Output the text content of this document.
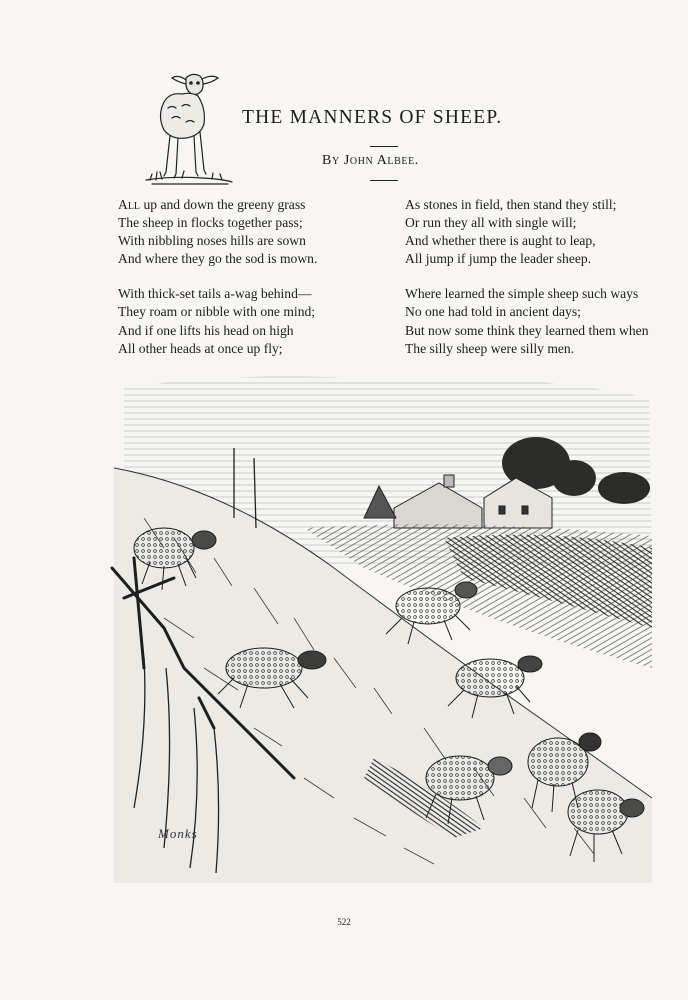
THE MANNERS OF SHEEP.
By John Albee.
All up and down the greeny grass
The sheep in flocks together pass;
With nibbling noses hills are sown
And where they go the sod is mown.
With thick-set tails a-wag behind—
They roam or nibble with one mind;
And if one lifts his head on high
All other heads at once up fly;
As stones in field, then stand they still;
Or run they all with single will;
And whether there is aught to leap,
All jump if jump the leader sheep.
Where learned the simple sheep such ways
No one had told in ancient days;
But now some think they learned them when
The silly sheep were silly men.
Monks
522
